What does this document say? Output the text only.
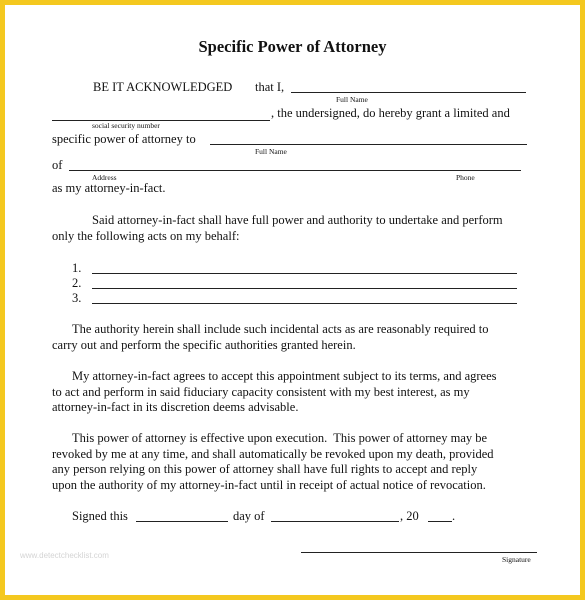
Specific Power of Attorney
BE IT ACKNOWLEDGED that I,
Full Name
social security number
, the undersigned, do hereby grant a limited and
specific power of attorney to
Full Name
of
Address	Phone
as my attorney-in-fact.
Said attorney-in-fact shall have full power and authority to undertake and perform
only the following acts on my behalf:
1.
2.
3.
The authority herein shall include such incidental acts as are reasonably required to
carry out and perform the specific authorities granted herein.
My attorney-in-fact agrees to accept this appointment subject to its terms, and agrees
to act and perform in said fiduciary capacity consistent with my best interest, as my
attorney-in-fact in its discretion deems advisable.
This power of attorney is effective upon execution.  This power of attorney may be
revoked by me at any time, and shall automatically be revoked upon my death, provided
any person relying on this power of attorney shall have full rights to accept and reply
upon the authority of my attorney-in-fact until in receipt of actual notice of revocation.
Signed this	day of	, 20	.
Signature
www.detectchecklist.com
